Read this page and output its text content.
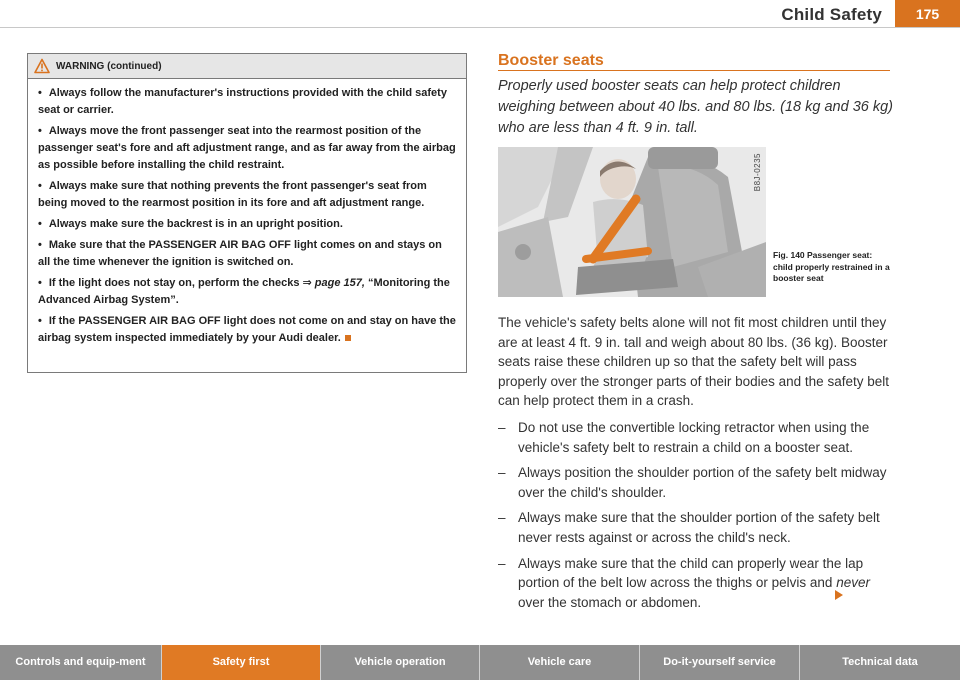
Child Safety	175
WARNING (continued)
• Always follow the manufacturer's instructions provided with the child safety seat or carrier.
• Always move the front passenger seat into the rearmost position of the passenger seat's fore and aft adjustment range, and as far away from the airbag as possible before installing the child restraint.
• Always make sure that nothing prevents the front passenger's seat from being moved to the rearmost position in its fore and aft adjustment range.
• Always make sure the backrest is in an upright position.
• Make sure that the PASSENGER AIR BAG OFF light comes on and stays on all the time whenever the ignition is switched on.
• If the light does not stay on, perform the checks ⇒ page 157, “Monitoring the Advanced Airbag System”.
• If the PASSENGER AIR BAG OFF light does not come on and stay on have the airbag system inspected immediately by your Audi dealer.
Booster seats
Properly used booster seats can help protect children weighing between about 40 lbs. and 80 lbs. (18 kg and 36 kg) who are less than 4 ft. 9 in. tall.
B8J-0235
Fig. 140 Passenger seat: child properly restrained in a booster seat

The vehicle's safety belts alone will not fit most children until they are at least 4 ft. 9 in. tall and weigh about 80 lbs. (36 kg). Booster seats raise these children up so that the safety belt will pass properly over the stronger parts of their bodies and the safety belt can help protect them in a crash.

– Do not use the convertible locking retractor when using the vehicle's safety belt to restrain a child on a booster seat.
– Always position the shoulder portion of the safety belt midway over the child's shoulder.
– Always make sure that the shoulder portion of the safety belt never rests against or across the child's neck.
– Always make sure that the child can properly wear the lap portion of the belt low across the thighs or pelvis and never over the stomach or abdomen.
Controls and equip-ment	Safety first	Vehicle operation	Vehicle care	Do-it-yourself service	Technical data
